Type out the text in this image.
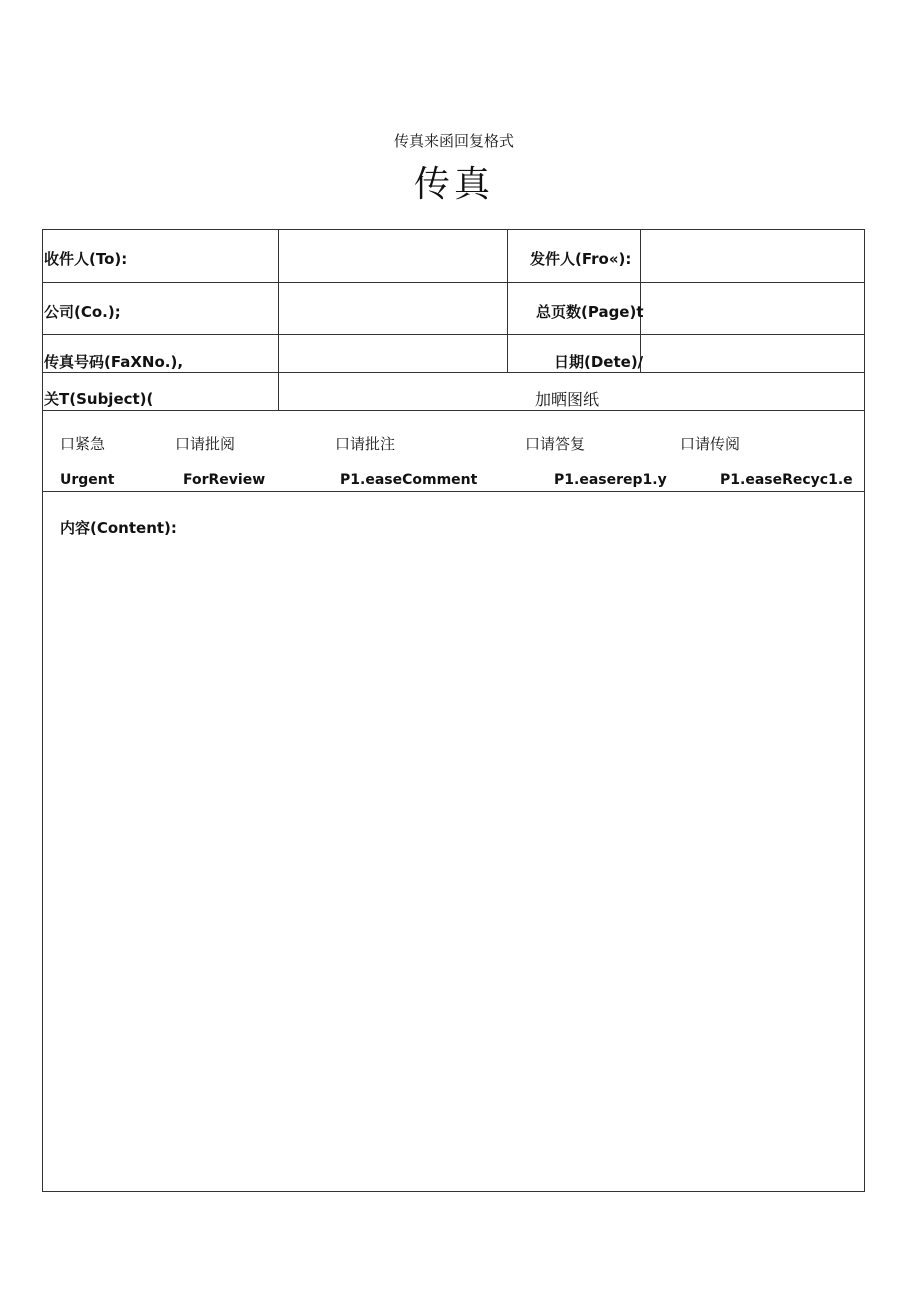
传真来函回复格式
传真
收件人(To):	发件人(Fro«):
公司(Co.);	总页数(Page)t
传真号码(FaXNo.),	日期(Dete)/
关T(Subject)(	加晒图纸
口紧急	口请批阅	口请批注	口请答复	口请传阅
Urgent	ForReview	P1.easeComment	P1.easerep1.y	P1.easeRecyc1.e
内容(Content):
